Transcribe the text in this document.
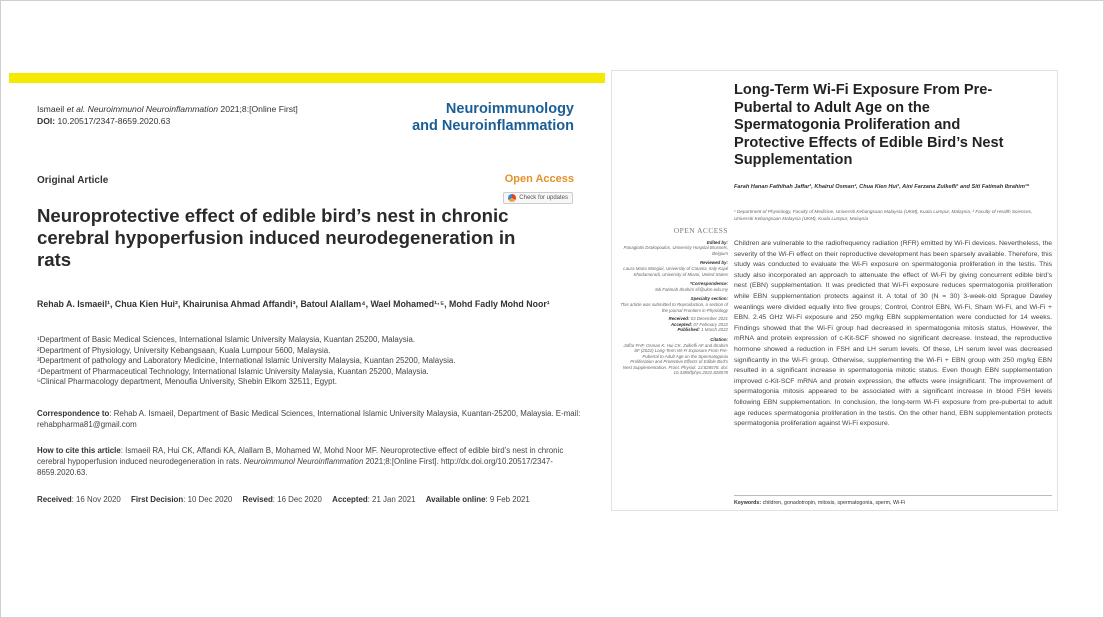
Ismaeil et al. Neuroimmunol Neuroinflammation 2021;8:[Online First]
DOI: 10.20517/2347-8659.2020.63
Neuroimmunology
and Neuroinflammation
Original Article	Open Access
Check for updates
Neuroprotective effect of edible bird’s nest in chronic cerebral hypoperfusion induced neurodegeneration in rats
Rehab A. Ismaeil¹, Chua Kien Hui², Khairunisa Ahmad Affandi³, Batoul Alallam⁴, Wael Mohamed¹·⁵, Mohd Fadly Mohd Noor¹
¹Department of Basic Medical Sciences, International Islamic University Malaysia, Kuantan 25200, Malaysia.
²Department of Physiology, University Kebangsaan, Kuala Lumpour 5600, Malaysia.
³Department of pathology and Laboratory Medicine, International Islamic University Malaysia, Kuantan 25200, Malaysia.
⁴Department of Pharmaceutical Technology, International Islamic University Malaysia, Kuantan 25200, Malaysia.
⁵Clinical Pharmacology department, Menoufia University, Shebin Elkom 32511, Egypt.
Correspondence to: Rehab A. Ismaeil, Department of Basic Medical Sciences, International Islamic University Malaysia, Kuantan-25200, Malaysia. E-mail: rehabpharma81@gmail.com
How to cite this article: Ismaeil RA, Hui CK, Affandi KA, Alallam B, Mohamed W, Mohd Noor MF. Neuroprotective effect of edible bird’s nest in chronic cerebral hypoperfusion induced neurodegeneration in rats. Neuroimmunol Neuroinflammation 2021;8:[Online First]. http://dx.doi.org/10.20517/2347-8659.2020.63.
Received: 16 Nov 2020 First Decision: 10 Dec 2020 Revised: 16 Dec 2020 Accepted: 21 Jan 2021 Available online: 9 Feb 2021
Long-Term Wi-Fi Exposure From Pre-Pubertal to Adult Age on the Spermatogonia Proliferation and Protective Effects of Edible Bird’s Nest Supplementation
Farah Hanan Fathihah Jaffar¹, Khairul Osman², Chua Kien Hui¹, Aini Farzana Zulkefli¹ and Siti Fatimah Ibrahim¹*
¹ Department of Physiology, Faculty of Medicine, Universiti Kebangsaan Malaysia (UKM), Kuala Lumpur, Malaysia, ² Faculty of Health Sciences, Universiti Kebangsaan Malaysia (UKM), Kuala Lumpur, Malaysia
OPEN ACCESS
Edited by:
Panagiotis Drakopoulos, University Hospital Brussels, Belgium
Reviewed by:
Laura Maria Mongioì, University of Catania, Italy Kajal Khodamoradi, University of Miami, United States
*Correspondence:
Siti Fatimah Ibrahim sfi@ukm.edu.my
Specialty section:
This article was submitted to Reproduction, a section of the journal Frontiers in Physiology
Received: 03 December 2021
Accepted: 07 February 2022
Published: 1 March 2022
Citation:
Jaffar FHF, Osman K, Hui CK, Zulkefli AF and Ibrahim SF (2022) Long-Term Wi-Fi Exposure From Pre-Pubertal to Adult Age on the Spermatogonia Proliferation and Protective Effects of Edible Bird’s Nest Supplementation. Front. Physiol. 13:828578. doi: 10.3389/fphys.2022.828578
Children are vulnerable to the radiofrequency radiation (RFR) emitted by Wi-Fi devices. Nevertheless, the severity of the Wi-Fi effect on their reproductive development has been sparsely available. Therefore, this study was conducted to evaluate the Wi-Fi exposure on spermatogonia proliferation in the testis. This study also incorporated an approach to attenuate the effect of Wi-Fi by giving concurrent edible bird’s nest (EBN) supplementation. It was predicted that Wi-Fi exposure reduces spermatogonia proliferation while EBN supplementation protects against it. A total of 30 (N = 30) 3-week-old Sprague Dawley weanlings were divided equally into five groups; Control, Control EBN, Wi-Fi, Sham Wi-Fi, and Wi-Fi + EBN. 2.45 GHz Wi-Fi exposure and 250 mg/kg EBN supplementation were conducted for 14 weeks. Findings showed that the Wi-Fi group had decreased in spermatogonia mitosis status. However, the mRNA and protein expression of c-Kit-SCF showed no significant decrease. Instead, the reproductive hormone showed a reduction in FSH and LH serum levels. Of these, LH serum level was decreased significantly in the Wi-Fi group. Otherwise, supplementing the Wi-Fi + EBN group with 250 mg/kg EBN resulted in a significant increase in spermatogonia mitotic status. Even though EBN supplementation improved c-Kit-SCF mRNA and protein expression, the effects were insignificant. The improvement of spermatogonia mitosis appeared to be associated with a significant increase in blood FSH levels following EBN supplementation. In conclusion, the long-term Wi-Fi exposure from pre-pubertal to adult age reduces spermatogonia proliferation in the testis. On the other hand, EBN supplementation protects spermatogonia proliferation against Wi-Fi exposure.
Keywords: children, gonadotropin, mitosis, spermatogonia, sperm, Wi-Fi
